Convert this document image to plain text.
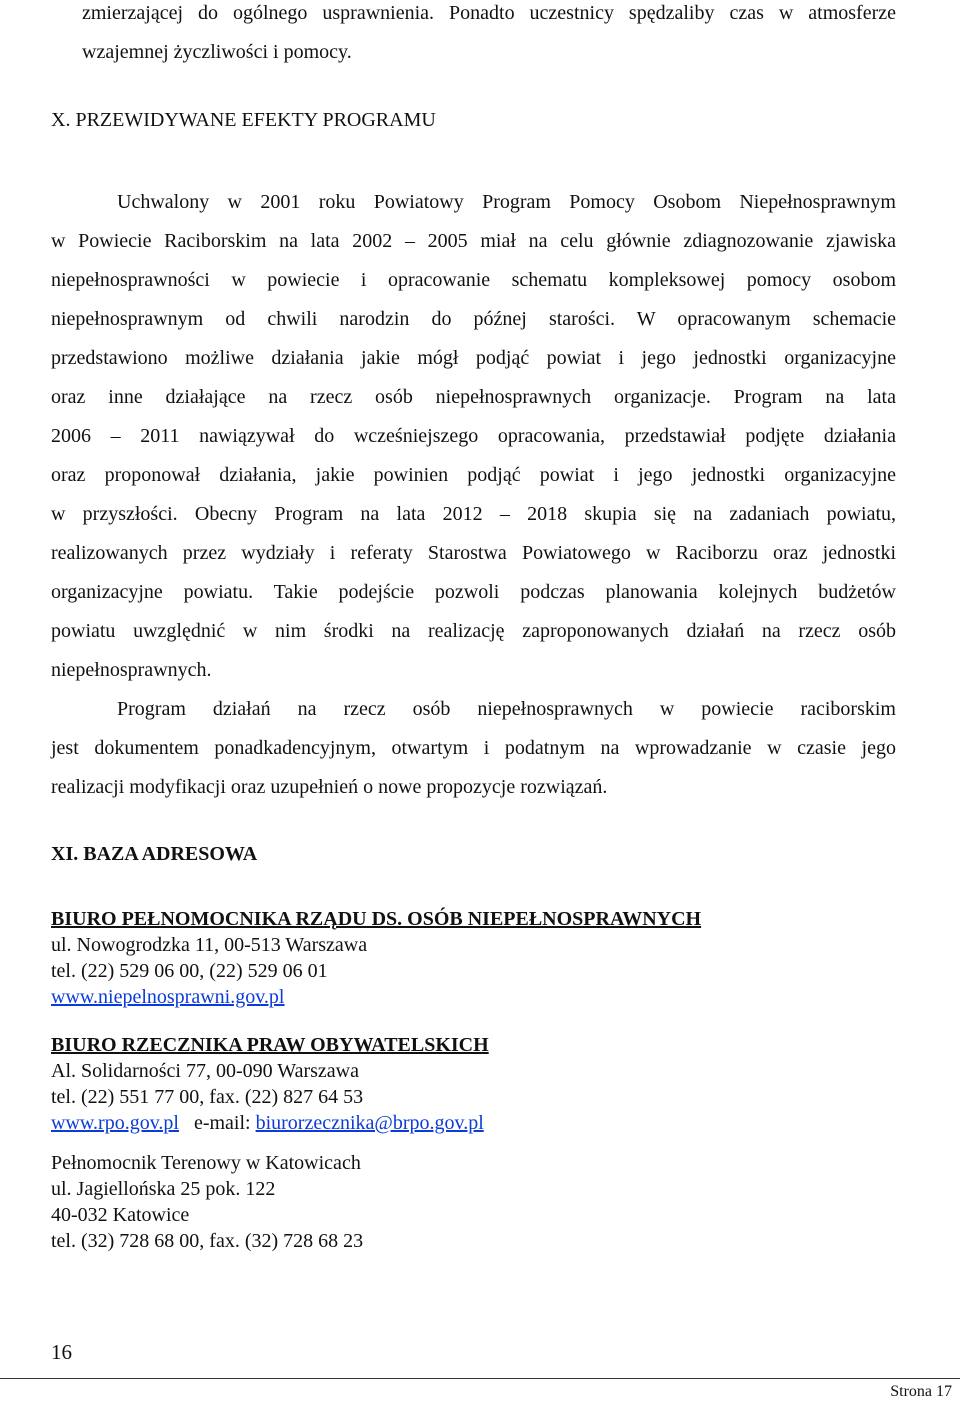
zmierzającej do ogólnego usprawnienia. Ponadto uczestnicy spędzaliby czas w atmosferze

wzajemnej życzliwości i pomocy.

X. PRZEWIDYWANE EFEKTY PROGRAMU

Uchwalony w 2001 roku Powiatowy Program Pomocy Osobom Niepełnosprawnym

w Powiecie Raciborskim na lata 2002 – 2005 miał na celu głównie zdiagnozowanie zjawiska

niepełnosprawności w powiecie i opracowanie schematu kompleksowej pomocy osobom

niepełnosprawnym od chwili narodzin do późnej starości. W opracowanym schemacie

przedstawiono możliwe działania jakie mógł podjąć powiat i jego jednostki organizacyjne

oraz inne działające na rzecz osób niepełnosprawnych organizacje. Program na lata

2006 – 2011 nawiązywał do wcześniejszego opracowania, przedstawiał podjęte działania

oraz proponował działania, jakie powinien podjąć powiat i jego jednostki organizacyjne

w przyszłości. Obecny Program na lata 2012 – 2018 skupia się na zadaniach powiatu,

realizowanych przez wydziały i referaty Starostwa Powiatowego w Raciborzu oraz jednostki

organizacyjne powiatu. Takie podejście pozwoli podczas planowania kolejnych budżetów

powiatu uwzględnić w nim środki na realizację zaproponowanych działań na rzecz osób

niepełnosprawnych.

Program działań na rzecz osób niepełnosprawnych w powiecie raciborskim

jest dokumentem ponadkadencyjnym, otwartym i podatnym na wprowadzanie w czasie jego

realizacji modyfikacji oraz uzupełnień o nowe propozycje rozwiązań.

XI. BAZA ADRESOWA
BIURO PEŁNOMOCNIKA RZĄDU DS. OSÓB NIEPEŁNOSPRAWNYCH
ul. Nowogrodzka 11, 00-513 Warszawa
tel. (22) 529 06 00, (22) 529 06 01
www.niepelnosprawni.gov.pl
BIURO RZECZNIKA PRAW OBYWATELSKICH
Al. Solidarności 77, 00-090 Warszawa
tel. (22) 551 77 00, fax. (22) 827 64 53
www.rpo.gov.pl e-mail: biurorzecznika@brpo.gov.pl
Pełnomocnik Terenowy w Katowicach
ul. Jagiellońska 25 pok. 122
40-032 Katowice
tel. (32) 728 68 00, fax. (32) 728 68 23
16
Strona 17
